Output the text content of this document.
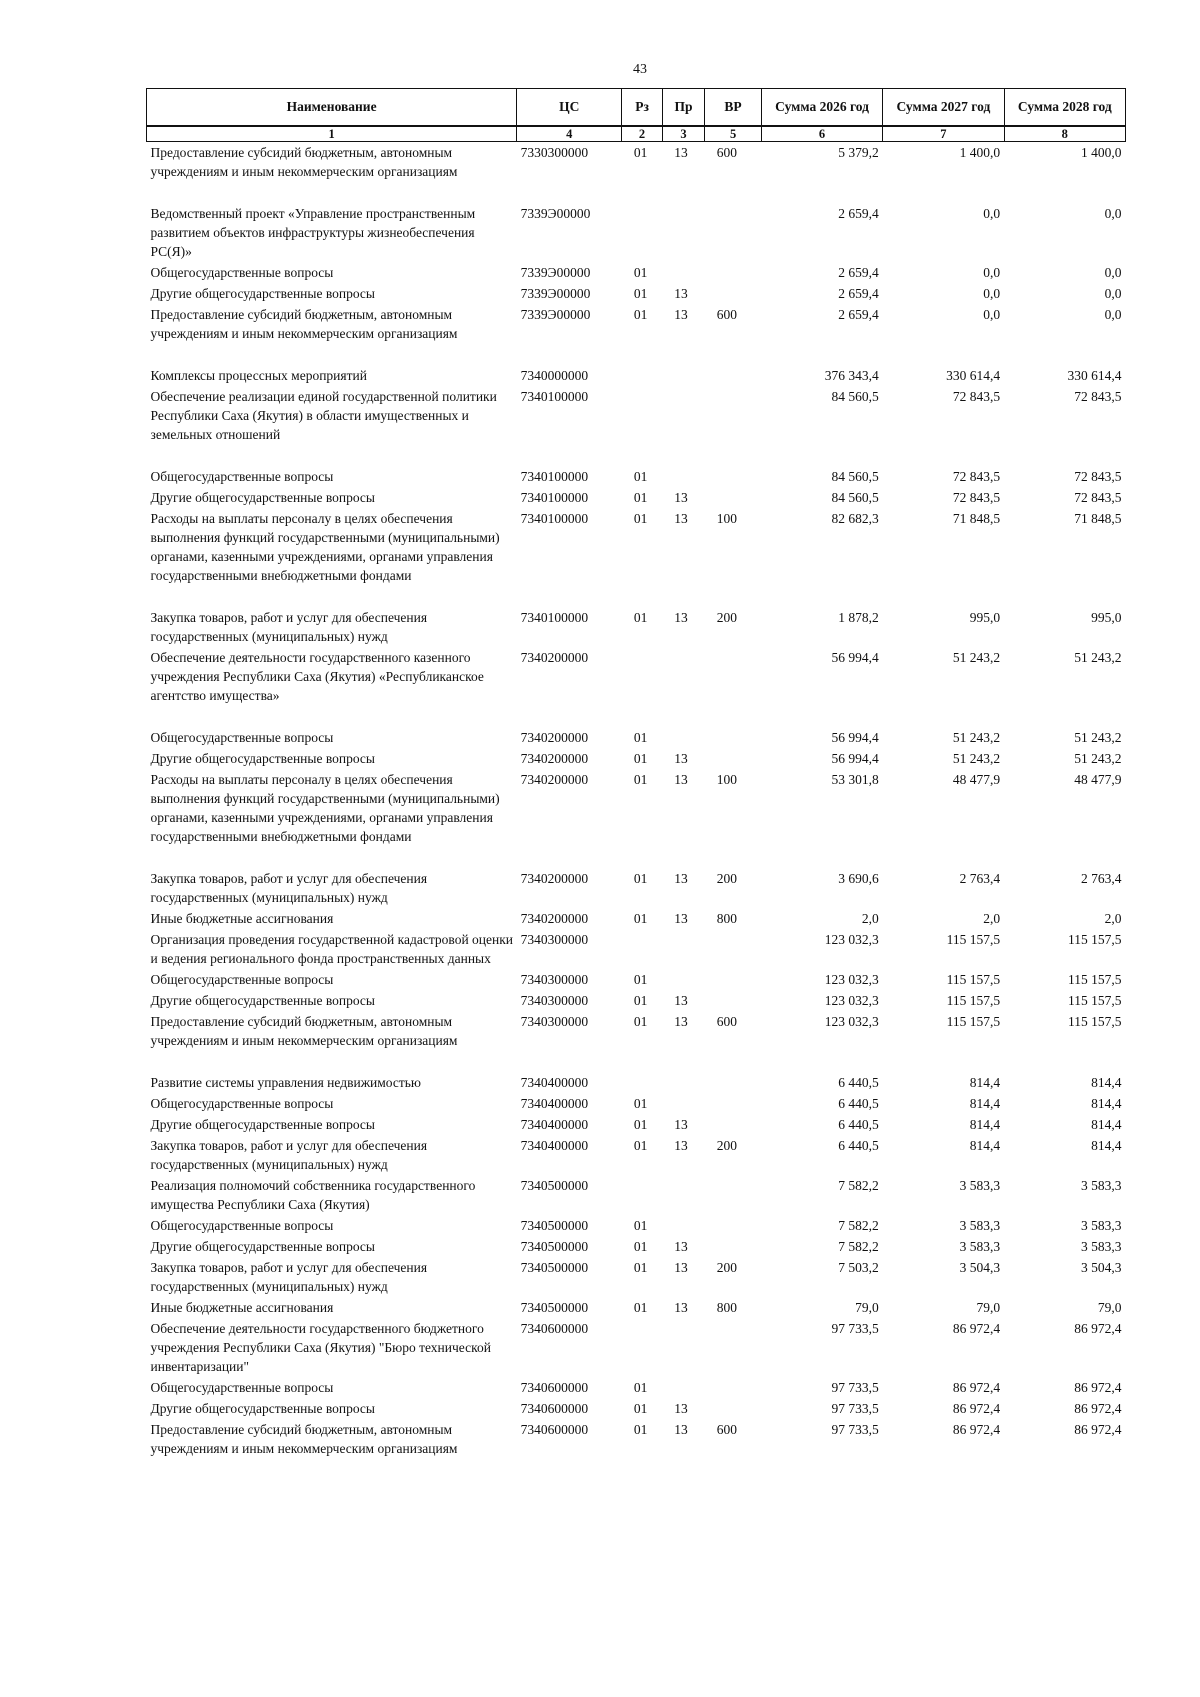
43
Наименование	ЦС	Рз	Пр	ВР	Сумма 2026 год	Сумма 2027 год	Сумма 2028 год
1	4	2	3	5	6	7	8
Предоставление субсидий бюджетным, автономным учреждениям и иным некоммерческим организациям	7330300000	01	13	600	5 379,2	1 400,0	1 400,0
Ведомственный проект «Управление пространственным развитием объектов инфраструктуры жизнеобеспечения РС(Я)»	7339Э00000				2 659,4	0,0	0,0
Общегосударственные вопросы	7339Э00000	01			2 659,4	0,0	0,0
Другие общегосударственные вопросы	7339Э00000	01	13		2 659,4	0,0	0,0
Предоставление субсидий бюджетным, автономным учреждениям и иным некоммерческим организациям	7339Э00000	01	13	600	2 659,4	0,0	0,0
Комплексы процессных мероприятий	7340000000				376 343,4	330 614,4	330 614,4
Обеспечение реализации единой государственной политики Республики Саха (Якутия) в области имущественных и земельных отношений	7340100000				84 560,5	72 843,5	72 843,5
Общегосударственные вопросы	7340100000	01			84 560,5	72 843,5	72 843,5
Другие общегосударственные вопросы	7340100000	01	13		84 560,5	72 843,5	72 843,5
Расходы на выплаты персоналу в целях обеспечения выполнения функций государственными (муниципальными) органами, казенными учреждениями, органами управления государственными внебюджетными фондами	7340100000	01	13	100	82 682,3	71 848,5	71 848,5
Закупка товаров, работ и услуг для обеспечения государственных (муниципальных) нужд	7340100000	01	13	200	1 878,2	995,0	995,0
Обеспечение деятельности государственного казенного учреждения Республики Саха (Якутия) «Республиканское агентство имущества»	7340200000				56 994,4	51 243,2	51 243,2
Общегосударственные вопросы	7340200000	01			56 994,4	51 243,2	51 243,2
Другие общегосударственные вопросы	7340200000	01	13		56 994,4	51 243,2	51 243,2
Расходы на выплаты персоналу в целях обеспечения выполнения функций государственными (муниципальными) органами, казенными учреждениями, органами управления государственными внебюджетными фондами	7340200000	01	13	100	53 301,8	48 477,9	48 477,9
Закупка товаров, работ и услуг для обеспечения государственных (муниципальных) нужд	7340200000	01	13	200	3 690,6	2 763,4	2 763,4
Иные бюджетные ассигнования	7340200000	01	13	800	2,0	2,0	2,0
Организация проведения государственной кадастровой оценки и ведения регионального фонда пространственных данных	7340300000				123 032,3	115 157,5	115 157,5
Общегосударственные вопросы	7340300000	01			123 032,3	115 157,5	115 157,5
Другие общегосударственные вопросы	7340300000	01	13		123 032,3	115 157,5	115 157,5
Предоставление субсидий бюджетным, автономным учреждениям и иным некоммерческим организациям	7340300000	01	13	600	123 032,3	115 157,5	115 157,5
Развитие системы управления недвижимостью	7340400000				6 440,5	814,4	814,4
Общегосударственные вопросы	7340400000	01			6 440,5	814,4	814,4
Другие общегосударственные вопросы	7340400000	01	13		6 440,5	814,4	814,4
Закупка товаров, работ и услуг для обеспечения государственных (муниципальных) нужд	7340400000	01	13	200	6 440,5	814,4	814,4
Реализация полномочий собственника государственного имущества Республики Саха (Якутия)	7340500000				7 582,2	3 583,3	3 583,3
Общегосударственные вопросы	7340500000	01			7 582,2	3 583,3	3 583,3
Другие общегосударственные вопросы	7340500000	01	13		7 582,2	3 583,3	3 583,3
Закупка товаров, работ и услуг для обеспечения государственных (муниципальных) нужд	7340500000	01	13	200	7 503,2	3 504,3	3 504,3
Иные бюджетные ассигнования	7340500000	01	13	800	79,0	79,0	79,0
Обеспечение деятельности государственного бюджетного учреждения Республики Саха (Якутия) "Бюро технической инвентаризации"	7340600000				97 733,5	86 972,4	86 972,4
Общегосударственные вопросы	7340600000	01			97 733,5	86 972,4	86 972,4
Другие общегосударственные вопросы	7340600000	01	13		97 733,5	86 972,4	86 972,4
Предоставление субсидий бюджетным, автономным учреждениям и иным некоммерческим организациям	7340600000	01	13	600	97 733,5	86 972,4	86 972,4
